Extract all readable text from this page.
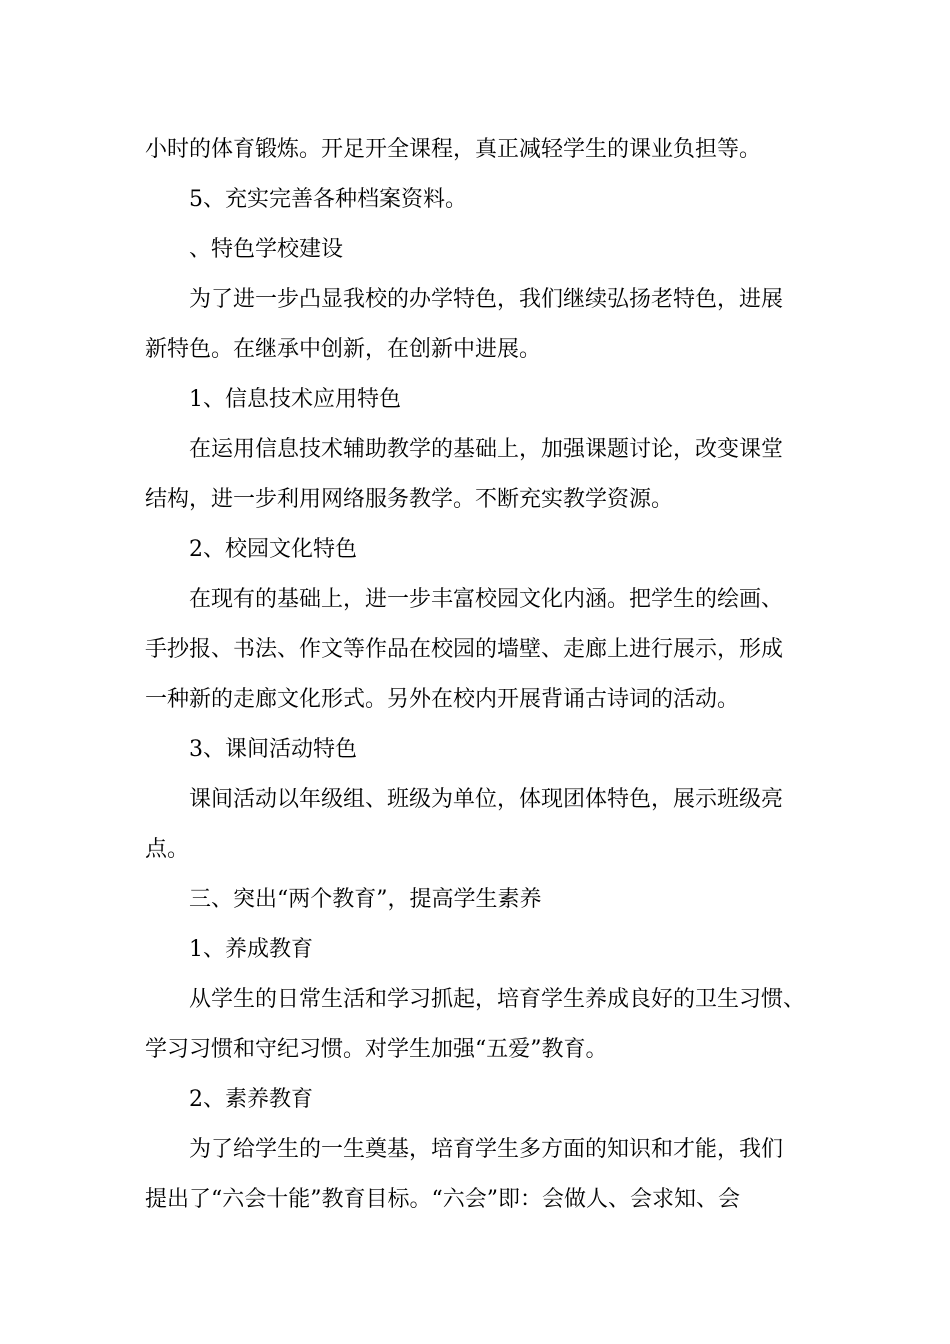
小时的体育锻炼。开足开全课程，真正减轻学生的课业负担等。
5、充实完善各种档案资料。
、特色学校建设
为了进一步凸显我校的办学特色，我们继续弘扬老特色，进展
新特色。在继承中创新，在创新中进展。
1、信息技术应用特色
在运用信息技术辅助教学的基础上，加强课题讨论，改变课堂
结构，进一步利用网络服务教学。不断充实教学资源。
2、校园文化特色
在现有的基础上，进一步丰富校园文化内涵。把学生的绘画、
手抄报、书法、作文等作品在校园的墙壁、走廊上进行展示，形成
一种新的走廊文化形式。另外在校内开展背诵古诗词的活动。
3、课间活动特色
课间活动以年级组、班级为单位，体现团体特色，展示班级亮
点。
三、突出“两个教育”，提高学生素养
1、养成教育
从学生的日常生活和学习抓起，培育学生养成良好的卫生习惯、
学习习惯和守纪习惯。对学生加强“五爱”教育。
2、素养教育
为了给学生的一生奠基，培育学生多方面的知识和才能，我们
提出了“六会十能”教育目标。“六会”即：会做人、会求知、会
